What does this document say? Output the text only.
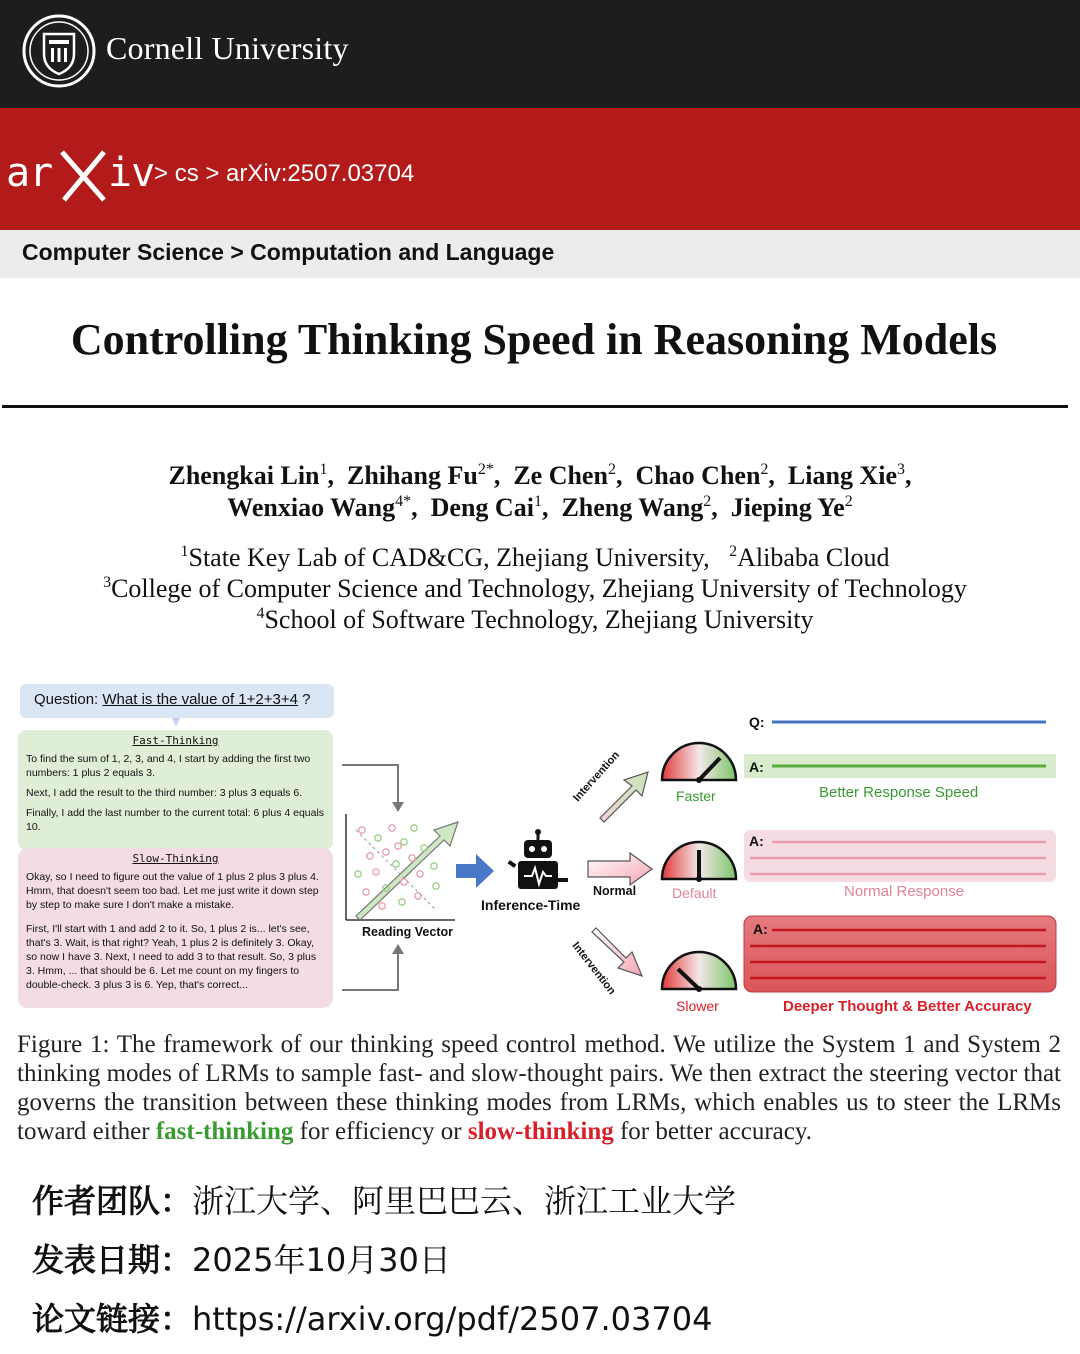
Cornell University
ar iv > cs > arXiv:2507.03704
Computer Science > Computation and Language
Controlling Thinking Speed in Reasoning Models
Zhengkai Lin$^1$,  Zhihang $Fu^{2*}$,  Ze Chen$^2$,  Chao Chen$^2$,  Liang Xie$^3$,
Wenxiao Wang$^{4*}$,  Deng Cai$^1$,  Zheng Wang$^2$,  Jieping Ye$^2$
$^1$State Key Lab of CAD&CG, Zhejiang University, $^2$Alibaba Cloud
$^3$College of Computer Science and Technology, Zhejiang University of Technology
$^4$School of Software Technology, Zhejiang University
Question: What is the value of 1+2+3+4 ?
Fast-Thinking
To find the sum of 1, 2, 3, and 4, I start by adding the first two numbers: 1 plus 2 equals 3.
Next, I add the result to the third number: 3 plus 3 equals 6.
Finally, I add the last number to the current total: 6 plus 4 equals 10.
Slow-Thinking
Okay, so I need to figure out the value of 1 plus 2 plus 3 plus 4. Hmm, that doesn't seem too bad. Let me just write it down step by step to make sure I don't make a mistake.
First, I'll start with 1 and add 2 to it. So, 1 plus 2 is... let's see, that's 3. Wait, is that right? Yeah, 1 plus 2 is definitely 3. Okay, so now I have 3. Next, I need to add 3 to that result. So, 3 plus 3. Hmm, ... that should be 6. Let me count on my fingers to double-check. 3 plus 3 is 6. Yep, that's correct...
Reading Vector
Inference-Time
Intervention
Normal
Intervention
Faster
Default
Slower
Q:
A:
A:
A:
Better Response Speed
Normal Response
Deeper Thought & Better Accuracy
Figure 1: The framework of our thinking speed control method. We utilize the System 1 and System 2 thinking modes of LRMs to sample fast- and slow-thought pairs. We then extract the steering vector that governs the transition between these thinking modes from LRMs, which enables us to steer the LRMs toward either fast-thinking for efficiency or slow-thinking for better accuracy.
作者团队：浙江大学、阿里巴巴云、浙江工业大学
发表日期：2025年10月30日
论文链接：https://arxiv.org/pdf/2507.03704
